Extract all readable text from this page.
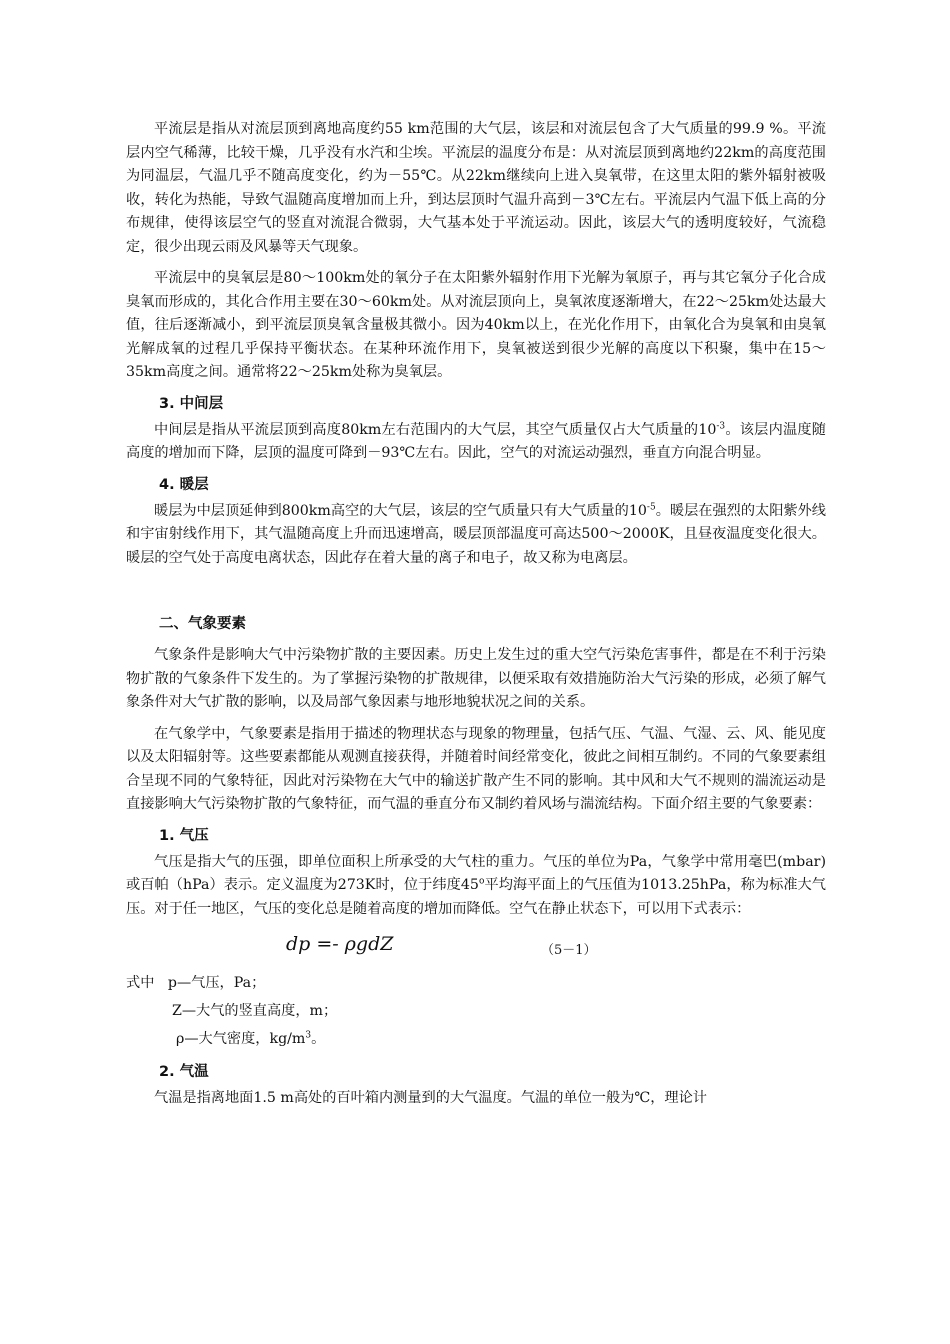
平流层是指从对流层顶到离地高度约55 km范围的大气层，该层和对流层包含了大气质量的99.9 %。平流层内空气稀薄，比较干燥，几乎没有水汽和尘埃。平流层的温度分布是：从对流层顶到离地约22km的高度范围为同温层，气温几乎不随高度变化，约为－55℃。从22km继续向上进入臭氧带，在这里太阳的紫外辐射被吸收，转化为热能，导致气温随高度增加而上升，到达层顶时气温升高到－3℃左右。平流层内气温下低上高的分布规律，使得该层空气的竖直对流混合微弱，大气基本处于平流运动。因此，该层大气的透明度较好，气流稳定，很少出现云雨及风暴等天气现象。

平流层中的臭氧层是80～100km处的氧分子在太阳紫外辐射作用下光解为氧原子，再与其它氧分子化合成臭氧而形成的，其化合作用主要在30～60km处。从对流层顶向上，臭氧浓度逐渐增大，在22～25km处达最大值，往后逐渐减小，到平流层顶臭氧含量极其微小。因为40km以上，在光化作用下，由氧化合为臭氧和由臭氧光解成氧的过程几乎保持平衡状态。在某种环流作用下，臭氧被送到很少光解的高度以下积聚，集中在15～35km高度之间。通常将22～25km处称为臭氧层。

3. 中间层

中间层是指从平流层顶到高度80km左右范围内的大气层，其空气质量仅占大气质量的$10^{-3}$。该层内温度随高度的增加而下降，层顶的温度可降到－93℃左右。因此，空气的对流运动强烈，垂直方向混合明显。

4. 暖层

暖层为中层顶延伸到800km高空的大气层，该层的空气质量只有大气质量的$10^{-5}$。暖层在强烈的太阳紫外线和宇宙射线作用下，其气温随高度上升而迅速增高，暖层顶部温度可高达500～2000K，且昼夜温度变化很大。暖层的空气处于高度电离状态，因此存在着大量的离子和电子，故又称为电离层。

二、气象要素

气象条件是影响大气中污染物扩散的主要因素。历史上发生过的重大空气污染危害事件，都是在不利于污染物扩散的气象条件下发生的。为了掌握污染物的扩散规律，以便采取有效措施防治大气污染的形成，必须了解气象条件对大气扩散的影响，以及局部气象因素与地形地貌状况之间的关系。

在气象学中，气象要素是指用于描述的物理状态与现象的物理量，包括气压、气温、气湿、云、风、能见度以及太阳辐射等。这些要素都能从观测直接获得，并随着时间经常变化，彼此之间相互制约。不同的气象要素组合呈现不同的气象特征，因此对污染物在大气中的输送扩散产生不同的影响。其中风和大气不规则的湍流运动是直接影响大气污染物扩散的气象特征，而气温的垂直分布又制约着风场与湍流结构。下面介绍主要的气象要素：

1. 气压

气压是指大气的压强，即单位面积上所承受的大气柱的重力。气压的单位为Pa，气象学中常用毫巴(mbar)或百帕（hPa）表示。定义温度为273K时，位于纬度45$^o$平均海平面上的气压值为1013.25hPa，称为标准大气压。对于任一地区，气压的变化总是随着高度的增加而降低。空气在静止状态下，可以用下式表示：

dp =- ρgdZ	（5－1）

式中   p—气压，Pa；

Z—大气的竖直高度，m；

ρ—大气密度，$kg/m^3$。

2. 气温

气温是指离地面1.5 m高处的百叶箱内测量到的大气温度。气温的单位一般为℃，理论计
